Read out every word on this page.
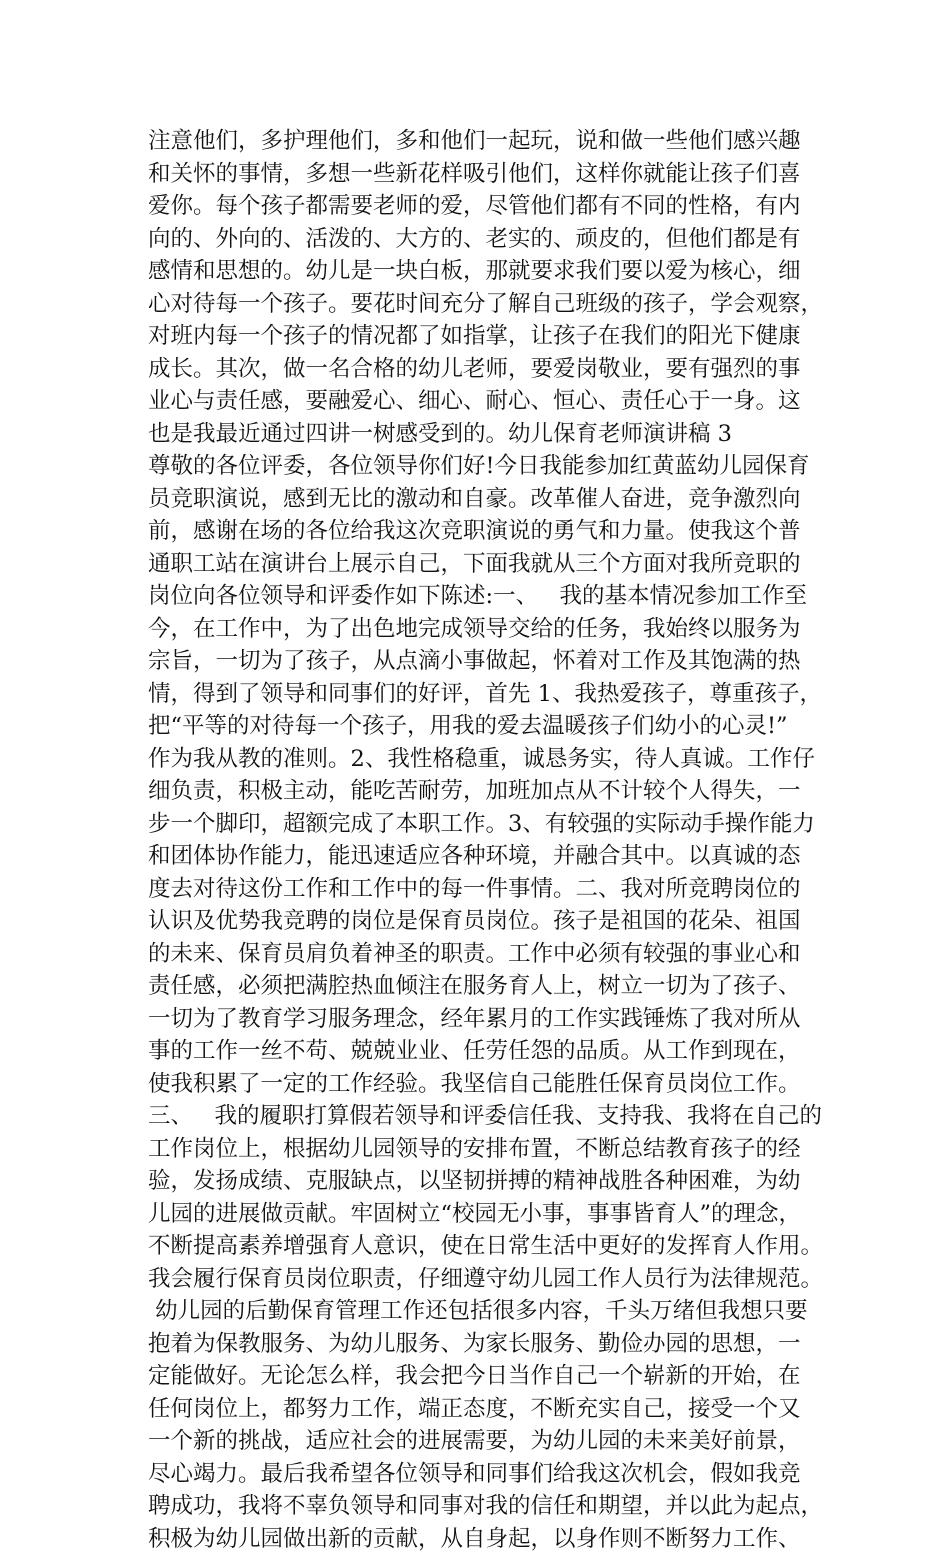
注意他们，多护理他们，多和他们一起玩，说和做一些他们感兴趣
和关怀的事情，多想一些新花样吸引他们，这样你就能让孩子们喜
爱你。每个孩子都需要老师的爱，尽管他们都有不同的性格，有内
向的、外向的、活泼的、大方的、老实的、顽皮的，但他们都是有
感情和思想的。幼儿是一块白板，那就要求我们要以爱为核心，细
心对待每一个孩子。要花时间充分了解自己班级的孩子，学会观察，
对班内每一个孩子的情况都了如指掌，让孩子在我们的阳光下健康
成长。其次，做一名合格的幼儿老师，要爱岗敬业，要有强烈的事
业心与责任感，要融爱心、细心、耐心、恒心、责任心于一身。这
也是我最近通过四讲一树感受到的。幼儿保育老师演讲稿 3
尊敬的各位评委，各位领导你们好!今日我能参加红黄蓝幼儿园保育
员竞职演说，感到无比的激动和自豪。改革催人奋进，竞争激烈向
前，感谢在场的各位给我这次竞职演说的勇气和力量。使我这个普
通职工站在演讲台上展示自己，下面我就从三个方面对我所竞职的
岗位向各位领导和评委作如下陈述:一、   我的基本情况参加工作至
今，在工作中，为了出色地完成领导交给的任务，我始终以服务为
宗旨，一切为了孩子，从点滴小事做起，怀着对工作及其饱满的热
情，得到了领导和同事们的好评，首先 1、我热爱孩子，尊重孩子，
把“平等的对待每一个孩子，用我的爱去温暖孩子们幼小的心灵!”
作为我从教的准则。2、我性格稳重，诚恳务实，待人真诚。工作仔
细负责，积极主动，能吃苦耐劳，加班加点从不计较个人得失，一
步一个脚印，超额完成了本职工作。3、有较强的实际动手操作能力
和团体协作能力，能迅速适应各种环境，并融合其中。以真诚的态
度去对待这份工作和工作中的每一件事情。二、我对所竞聘岗位的
认识及优势我竞聘的岗位是保育员岗位。孩子是祖国的花朵、祖国
的未来、保育员肩负着神圣的职责。工作中必须有较强的事业心和
责任感，必须把满腔热血倾注在服务育人上，树立一切为了孩子、
一切为了教育学习服务理念，经年累月的工作实践锤炼了我对所从
事的工作一丝不苟、兢兢业业、任劳任怨的品质。从工作到现在，
使我积累了一定的工作经验。我坚信自己能胜任保育员岗位工作。
三、   我的履职打算假若领导和评委信任我、支持我、我将在自己的
工作岗位上，根据幼儿园领导的安排布置，不断总结教育孩子的经
验，发扬成绩、克服缺点，以坚韧拼搏的精神战胜各种困难，为幼
儿园的进展做贡献。牢固树立“校园无小事，事事皆育人”的理念，
不断提高素养增强育人意识，使在日常生活中更好的发挥育人作用。
我会履行保育员岗位职责，仔细遵守幼儿园工作人员行为法律规范。
幼儿园的后勤保育管理工作还包括很多内容，千头万绪但我想只要
抱着为保教服务、为幼儿服务、为家长服务、勤俭办园的思想，一
定能做好。无论怎么样，我会把今日当作自己一个崭新的开始，在
任何岗位上，都努力工作，端正态度，不断充实自己，接受一个又
一个新的挑战，适应社会的进展需要，为幼儿园的未来美好前景，
尽心竭力。最后我希望各位领导和同事们给我这次机会，假如我竞
聘成功，我将不辜负领导和同事对我的信任和期望，并以此为起点，
积极为幼儿园做出新的贡献，从自身起，以身作则不断努力工作、
